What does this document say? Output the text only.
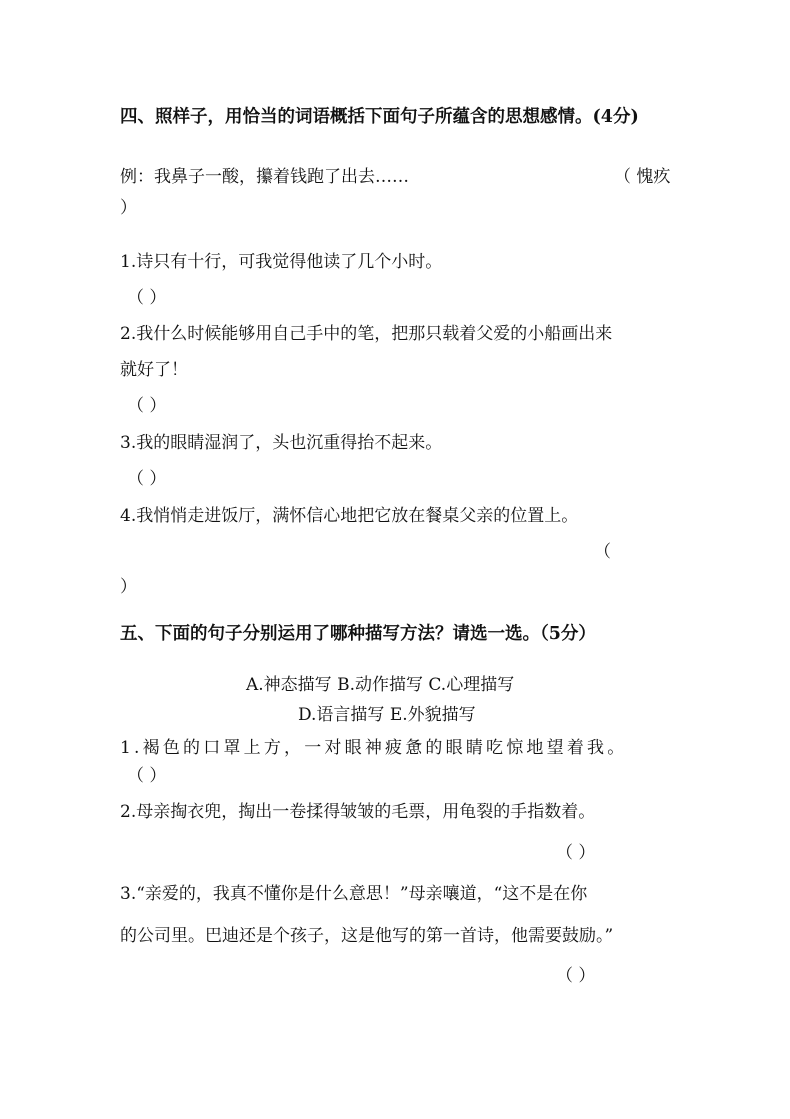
四、照样子，用恰当的词语概括下面句子所蕴含的思想感情。(4分)
例：我鼻子一酸，攥着钱跑了出去……	（ 愧疚
）
1.诗只有十行，可我觉得他读了几个小时。
（ ）
2.我什么时候能够用自己手中的笔，把那只载着父爱的小船画出来
就好了！
（ ）
3.我的眼睛湿润了，头也沉重得抬不起来。
（ ）
4.我悄悄走进饭厅，满怀信心地把它放在餐桌父亲的位置上。
（
）
五、下面的句子分别运用了哪种描写方法？请选一选。（5分）
A.神态描写 B.动作描写 C.心理描写
D.语言描写 E.外貌描写
1.褐色的口罩上方，一对眼神疲惫的眼睛吃惊地望着我。
（ ）
2.母亲掏衣兜，掏出一卷揉得皱皱的毛票，用龟裂的手指数着。
（ ）
3.“亲爱的，我真不懂你是什么意思！”母亲嚷道，“这不是在你
的公司里。巴迪还是个孩子，这是他写的第一首诗，他需要鼓励。”
（ ）
